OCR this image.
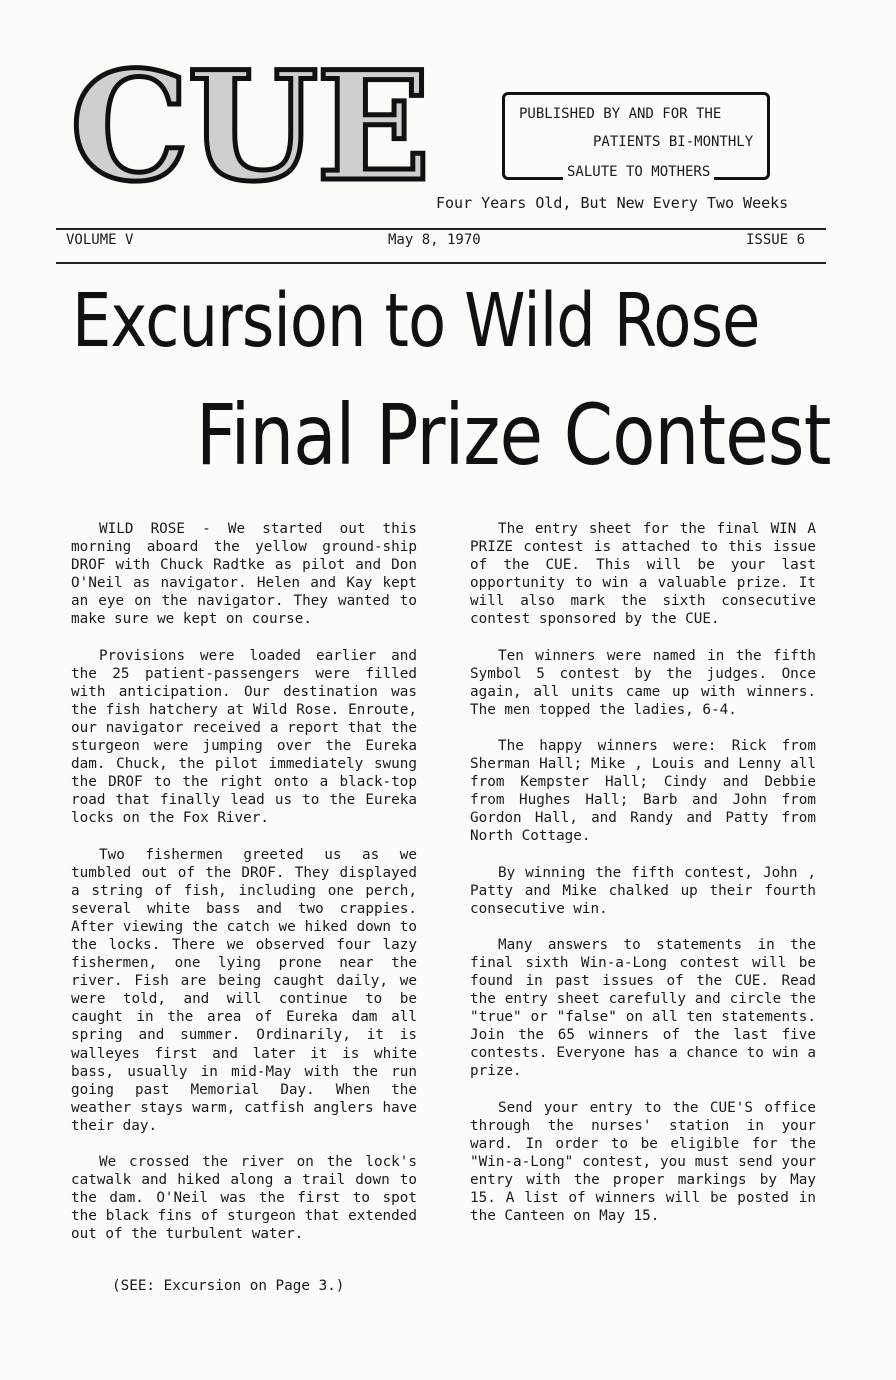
C U E	PUBLISHED BY AND FOR THE
PATIENTS BI-MONTHLY
SALUTE TO MOTHERS
Four Years Old, But New Every Two Weeks
VOLUME V	May 8, 1970	ISSUE 6
Excursion to Wild Rose
Final Prize Contest

WILD ROSE - We started out this morning aboard the yellow ground-ship DROF with Chuck Radtke as pilot and Don O'Neil as navigator. Helen and Kay kept an eye on the navigator. They wanted to make sure we kept on course.

Provisions were loaded earlier and the 25 patient-passengers were filled with anticipation. Our destination was the fish hatchery at Wild Rose. Enroute, our navigator received a report that the sturgeon were jumping over the Eureka dam. Chuck, the pilot immediately swung the DROF to the right onto a black-top road that finally lead us to the Eureka locks on the Fox River.

Two fishermen greeted us as we tumbled out of the DROF. They displayed a string of fish, including one perch, several white bass and two crappies. After viewing the catch we hiked down to the locks. There we observed four lazy fishermen, one lying prone near the river. Fish are being caught daily, we were told, and will continue to be caught in the area of Eureka dam all spring and summer. Ordinarily, it is walleyes first and later it is white bass, usually in mid-May with the run going past Memorial Day. When the weather stays warm, catfish anglers have their day.

We crossed the river on the lock's catwalk and hiked along a trail down to the dam. O'Neil was the first to spot the black fins of sturgeon that extended out of the turbulent water.

(SEE: Excursion on Page 3.)

The entry sheet for the final WIN A PRIZE contest is attached to this issue of the CUE. This will be your last opportunity to win a valuable prize. It will also mark the sixth consecutive contest sponsored by the CUE.

Ten winners were named in the fifth Symbol 5 contest by the judges. Once again, all units came up with winners. The men topped the ladies, 6-4.

The happy winners were: Rick from Sherman Hall; Mike , Louis and Lenny all from Kempster Hall; Cindy and Debbie from Hughes Hall; Barb and John from Gordon Hall, and Randy and Patty from North Cottage.

By winning the fifth contest, John , Patty and Mike chalked up their fourth consecutive win.

Many answers to statements in the final sixth Win-a-Long contest will be found in past issues of the CUE. Read the entry sheet carefully and circle the "true" or "false" on all ten statements. Join the 65 winners of the last five contests. Everyone has a chance to win a prize.

Send your entry to the CUE'S office through the nurses' station in your ward. In order to be eligible for the "Win-a-Long" contest, you must send your entry with the proper markings by May 15. A list of winners will be posted in the Canteen on May 15.
